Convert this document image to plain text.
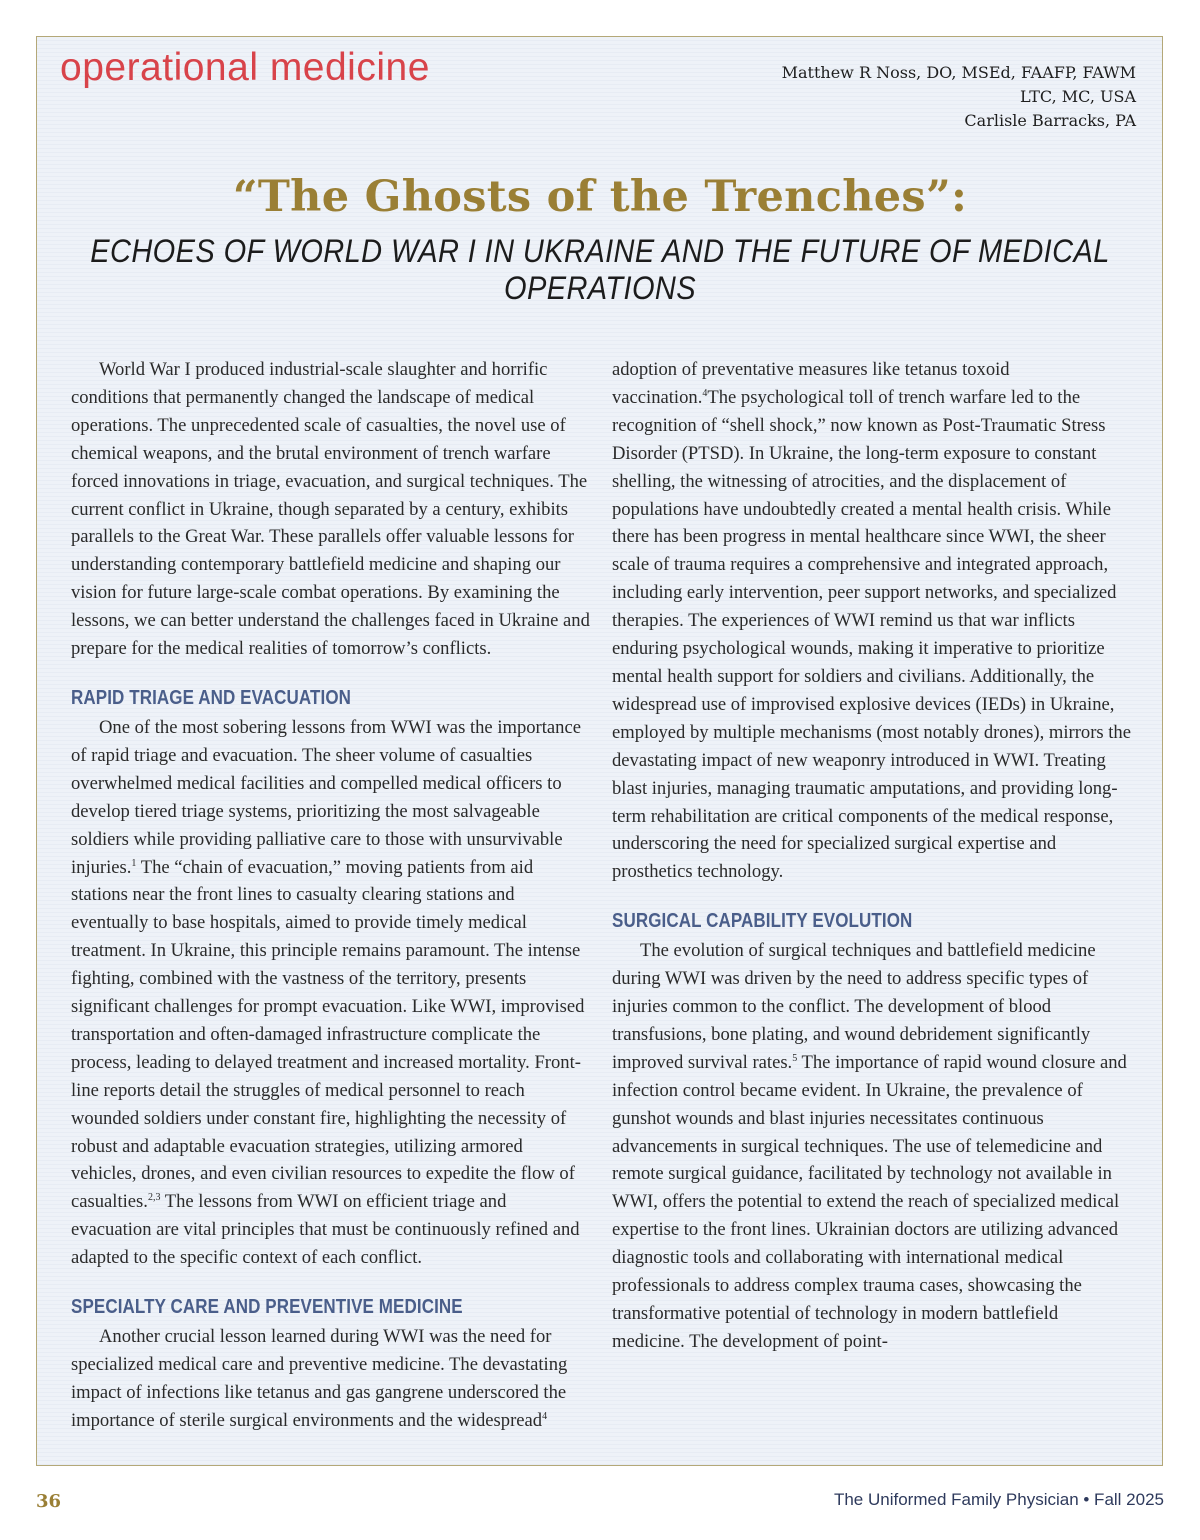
operational medicine	Matthew R Noss, DO, MSEd, FAAFP, FAWM
LTC, MC, USA
Carlisle Barracks, PA
“The Ghosts of the Trenches”:
ECHOES OF WORLD WAR I IN UKRAINE AND THE FUTURE OF MEDICAL OPERATIONS

World War I produced industrial-scale slaughter and horrific conditions that permanently changed the landscape of medical operations. The unprecedented scale of casualties, the novel use of chemical weapons, and the brutal environment of trench warfare forced innovations in triage, evacuation, and surgical techniques. The current conflict in Ukraine, though separated by a century, exhibits parallels to the Great War. These parallels offer valuable lessons for understanding contemporary battlefield medicine and shaping our vision for future large-scale combat operations. By examining the lessons, we can better understand the challenges faced in Ukraine and prepare for the medical realities of tomorrow’s conflicts.

RAPID TRIAGE AND EVACUATION

One of the most sobering lessons from WWI was the importance of rapid triage and evacuation. The sheer volume of casualties overwhelmed medical facilities and compelled medical officers to develop tiered triage systems, prioritizing the most salvageable soldiers while providing palliative care to those with unsurvivable injuries.$^1$ The “chain of evacuation,” moving patients from aid stations near the front lines to casualty clearing stations and eventually to base hospitals, aimed to provide timely medical treatment. In Ukraine, this principle remains paramount. The intense fighting, combined with the vastness of the territory, presents significant challenges for prompt evacuation. Like WWI, improvised transportation and often-damaged infrastructure complicate the process, leading to delayed treatment and increased mortality. Front-line reports detail the struggles of medical personnel to reach wounded soldiers under constant fire, highlighting the necessity of robust and adaptable evacuation strategies, utilizing armored vehicles, drones, and even civilian resources to expedite the flow of casualties.$^{2,3}$ The lessons from WWI on efficient triage and evacuation are vital principles that must be continuously refined and adapted to the specific context of each conflict.

SPECIALTY CARE AND PREVENTIVE MEDICINE

Another crucial lesson learned during WWI was the need for specialized medical care and preventive medicine. The devastating impact of infections like tetanus and gas gangrene underscored the importance of sterile surgical environments and the widespread$^4$

adoption of preventative measures like tetanus toxoid vaccination.$^4$The psychological toll of trench warfare led to the recognition of “shell shock,” now known as Post-Traumatic Stress Disorder (PTSD). In Ukraine, the long-term exposure to constant shelling, the witnessing of atrocities, and the displacement of populations have undoubtedly created a mental health crisis. While there has been progress in mental healthcare since WWI, the sheer scale of trauma requires a comprehensive and integrated approach, including early intervention, peer support networks, and specialized therapies. The experiences of WWI remind us that war inflicts enduring psychological wounds, making it imperative to prioritize mental health support for soldiers and civilians. Additionally, the widespread use of improvised explosive devices (IEDs) in Ukraine, employed by multiple mechanisms (most notably drones), mirrors the devastating impact of new weaponry introduced in WWI. Treating blast injuries, managing traumatic amputations, and providing long-term rehabilitation are critical components of the medical response, underscoring the need for specialized surgical expertise and prosthetics technology.

SURGICAL CAPABILITY EVOLUTION

The evolution of surgical techniques and battlefield medicine during WWI was driven by the need to address specific types of injuries common to the conflict. The development of blood transfusions, bone plating, and wound debridement significantly improved survival rates.$^5$ The importance of rapid wound closure and infection control became evident. In Ukraine, the prevalence of gunshot wounds and blast injuries necessitates continuous advancements in surgical techniques. The use of telemedicine and remote surgical guidance, facilitated by technology not available in WWI, offers the potential to extend the reach of specialized medical expertise to the front lines. Ukrainian doctors are utilizing advanced diagnostic tools and collaborating with international medical professionals to address complex trauma cases, showcasing the transformative potential of technology in modern battlefield medicine. The development of point-

36	The Uniformed Family Physician • Fall 2025
